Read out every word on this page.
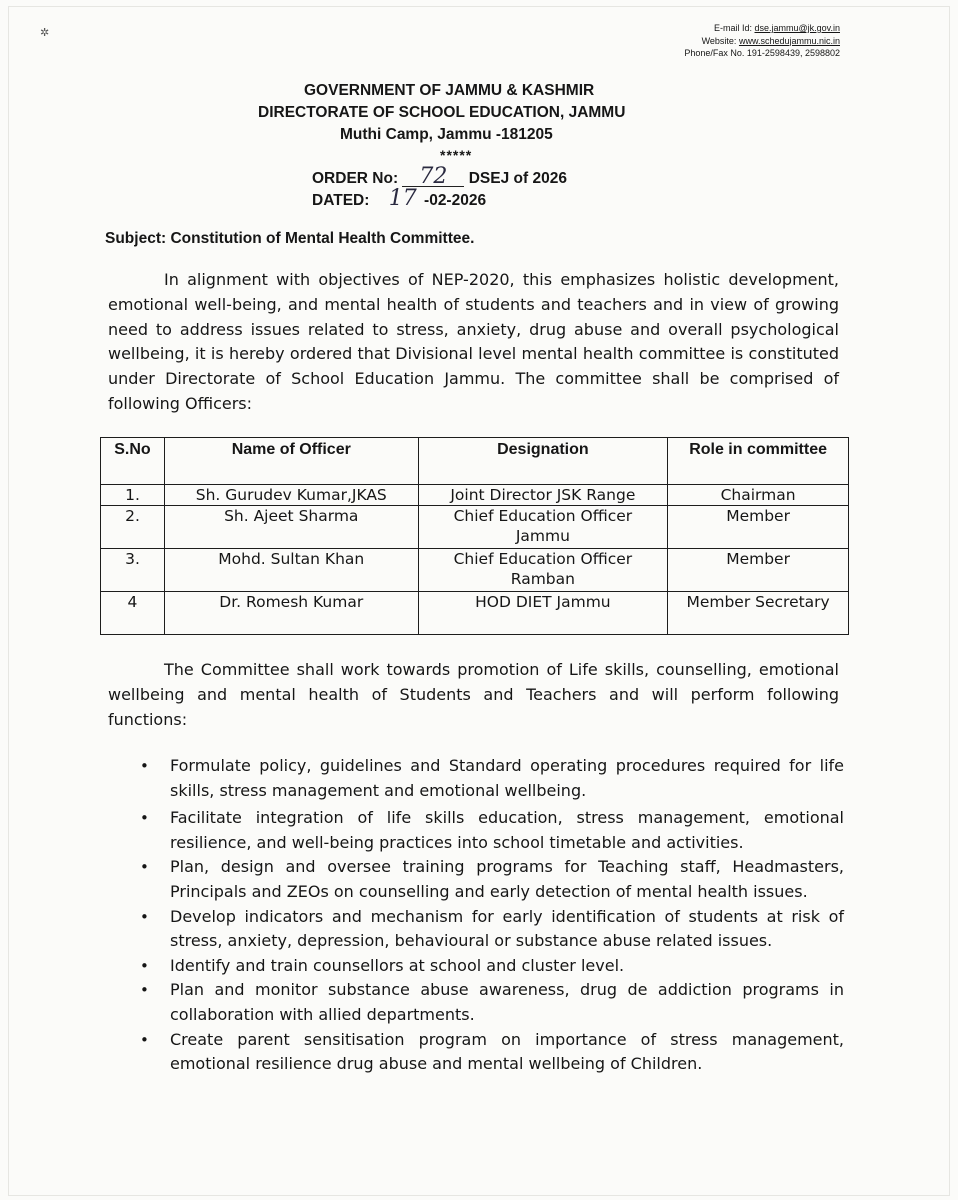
✲	E-mail Id: dse.jammu@jk.gov.in
Website: www.schedujammu.nic.in
Phone/Fax No. 191-2598439, 2598802
GOVERNMENT OF JAMMU & KASHMIR
DIRECTORATE OF SCHOOL EDUCATION, JAMMU
Muthi Camp, Jammu -181205
*****
ORDER No: 72 DSEJ of 2026
DATED: 17 -02-2026
Subject: Constitution of Mental Health Committee.
In alignment with objectives of NEP-2020, this emphasizes holistic development, emotional well-being, and mental health of students and teachers and in view of growing need to address issues related to stress, anxiety, drug abuse and overall psychological wellbeing, it is hereby ordered that Divisional level mental health committee is constituted under Directorate of School Education Jammu. The committee shall be comprised of following Officers:
S.No	Name of Officer	Designation	Role in committee
1.	Sh. Gurudev Kumar,JKAS	Joint Director JSK Range	Chairman
2.	Sh. Ajeet Sharma	Chief Education Officer Jammu	Member
3.	Mohd. Sultan Khan	Chief Education Officer Ramban	Member
4	Dr. Romesh Kumar	HOD DIET Jammu	Member Secretary
The Committee shall work towards promotion of Life skills, counselling, emotional wellbeing and mental health of Students and Teachers and will perform following functions:
• Formulate policy, guidelines and Standard operating procedures required for life skills, stress management and emotional wellbeing.
• Facilitate integration of life skills education, stress management, emotional resilience, and well-being practices into school timetable and activities.
• Plan, design and oversee training programs for Teaching staff, Headmasters, Principals and ZEOs on counselling and early detection of mental health issues.
• Develop indicators and mechanism for early identification of students at risk of stress, anxiety, depression, behavioural or substance abuse related issues.
• Identify and train counsellors at school and cluster level.
• Plan and monitor substance abuse awareness, drug de addiction programs in collaboration with allied departments.
• Create parent sensitisation program on importance of stress management, emotional resilience drug abuse and mental wellbeing of Children.
